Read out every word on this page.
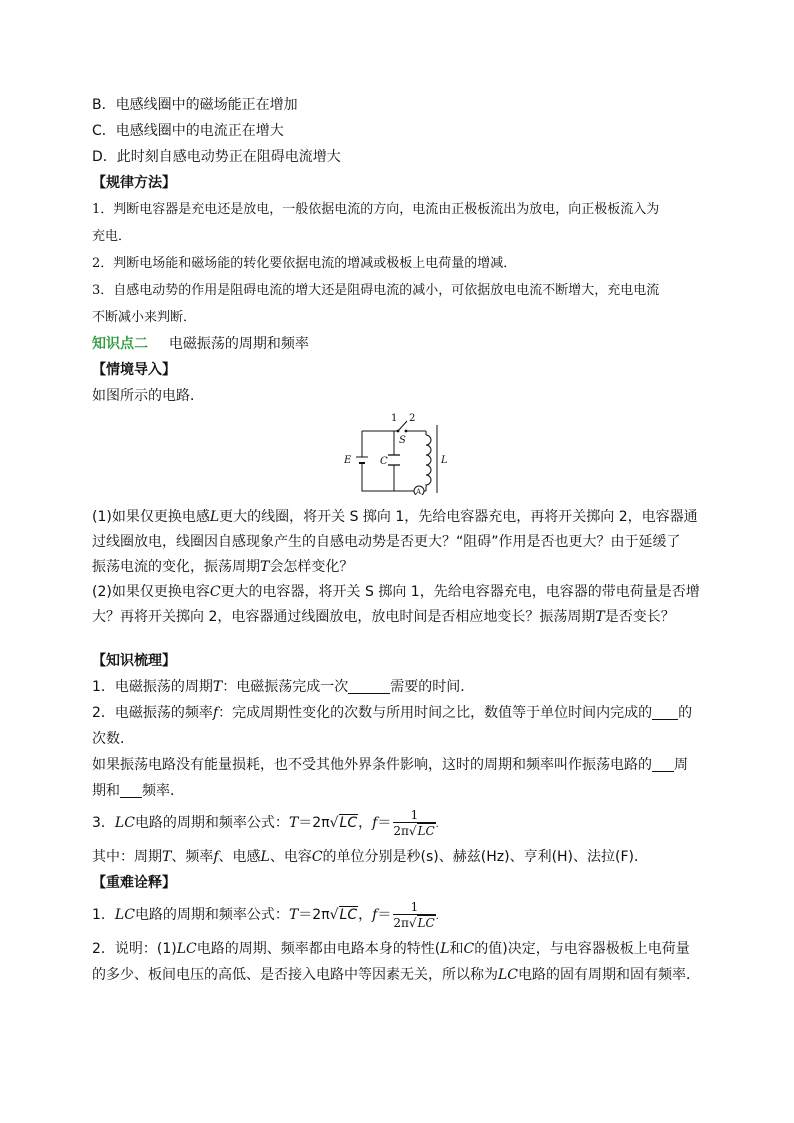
B．电感线圈中的磁场能正在增加
C．电感线圈中的电流正在增大
D．此时刻自感电动势正在阻碍电流增大
【规律方法】
1．判断电容器是充电还是放电，一般依据电流的方向，电流由正极板流出为放电，向正极板流入为
充电．
2．判断电场能和磁场能的转化要依据电流的增减或极板上电荷量的增减．
3．自感电动势的作用是阻碍电流的增大还是阻碍电流的减小，可依据放电电流不断增大，充电电流
不断减小来判断．
知识点二 电磁振荡的周期和频率
【情境导入】
如图所示的电路．
1 2
S
E	C	L
A
(1)如果仅更换电感L更大的线圈，将开关 S 掷向 1，先给电容器充电，再将开关掷向 2，电容器通
过线圈放电，线圈因自感现象产生的自感电动势是否更大？“阻碍”作用是否也更大？由于延缓了
振荡电流的变化，振荡周期T会怎样变化？
(2)如果仅更换电容C更大的电容器，将开关 S 掷向 1，先给电容器充电，电容器的带电荷量是否增
大？再将开关掷向 2，电容器通过线圈放电，放电时间是否相应地变长？振荡周期T是否变长？
【知识梳理】
1．电磁振荡的周期T：电磁振荡完成一次	需要的时间．
2．电磁振荡的频率f：完成周期性变化的次数与所用时间之比，数值等于单位时间内完成的 的
次数．
如果振荡电路没有能量损耗，也不受其他外界条件影响，这时的周期和频率叫作振荡电路的 周
期和 频率．
3．LC电路的周期和频率公式：T＝2π√LC，$f= \frac{1}{2\pi√LC}$ .
其中：周期T、频率f、电感L、电容C的单位分别是秒(s)、赫兹(Hz)、亨利(H)、法拉(F)．
【重难诠释】
1．LC电路的周期和频率公式：T＝2π√LC，$f= \frac{1}{2\pi√LC}$ .
2．说明：(1)LC电路的周期、频率都由电路本身的特性(L和C的值)决定，与电容器极板上电荷量
的多少、板间电压的高低、是否接入电路中等因素无关，所以称为LC电路的固有周期和固有频率．
